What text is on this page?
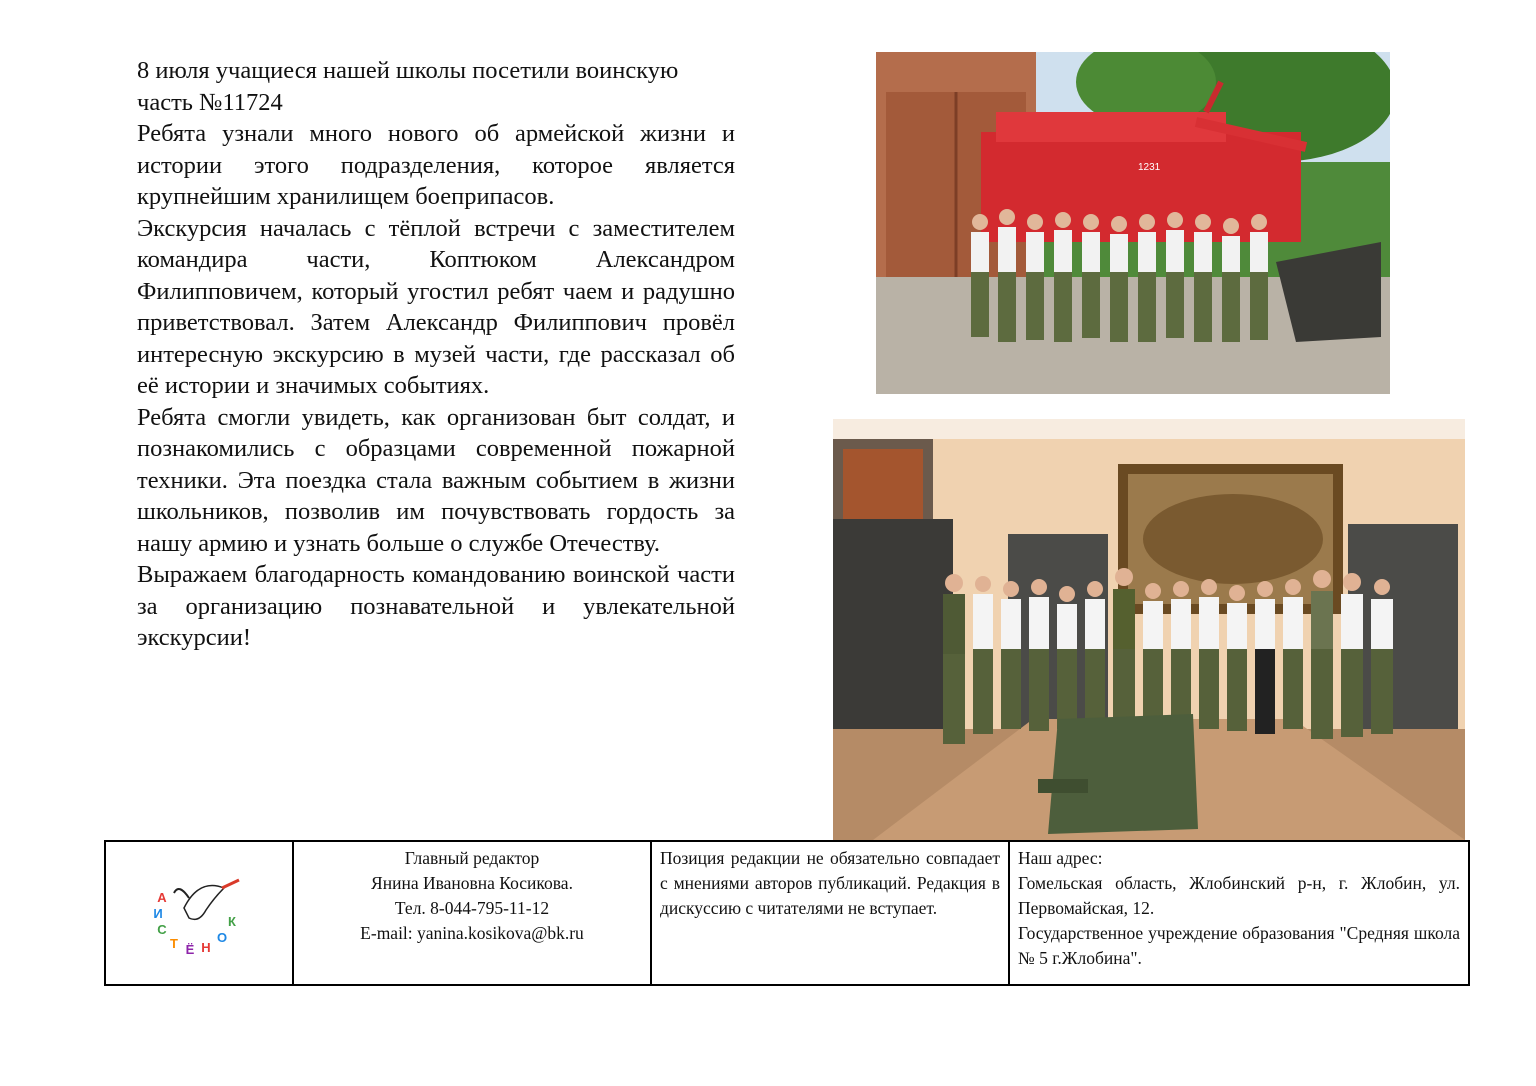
8 июля учащиеся нашей школы посетили воинскую часть №11724

Ребята узнали много нового об армейской жизни и истории этого подразделения, которое является крупнейшим хранилищем боеприпасов.

Экскурсия началась с тёплой встречи с заместителем командира части, Коптюком Александром Филипповичем, который угостил ребят чаем и радушно приветствовал. Затем Александр Филиппович провёл интересную экскурсию в музей части, где рассказал об её истории и значимых событиях.

Ребята смогли увидеть, как организован быт солдат, и познакомились с образцами современной пожарной техники. Эта поездка стала важным событием в жизни школьников, позволив им почувствовать гордость за нашу армию и узнать больше о службе Отечеству.

Выражаем благодарность командованию воинской части за организацию познавательной и увлекательной экскурсии!

1231
А
И
С
Т Ё Н
О
К
Главный редактор
Янина Ивановна Косикова.
Тел. 8-044-795-11-12
E-mail: yanina.kosikova@bk.ru
Позиция редакции не обязательно совпадает с мнениями авторов публикаций. Редакция в дискуссию с читателями не вступает.
Наш адрес:
Гомельская область, Жлобинский р-н, г. Жлобин, ул. Первомайская, 12.
Государственное учреждение образования "Средняя школа № 5 г.Жлобина".
